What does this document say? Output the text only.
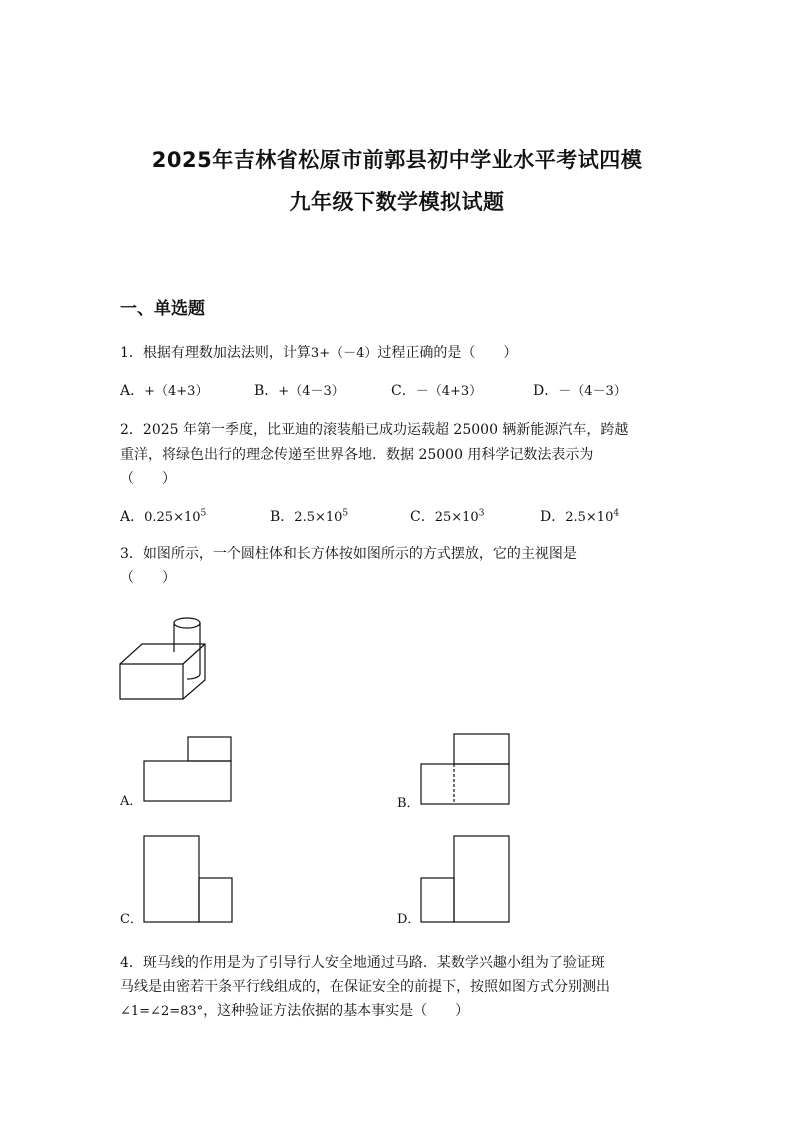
2025年吉林省松原市前郭县初中学业水平考试四模
九年级下数学模拟试题
一、单选题
1．根据有理数加法法则，计算3+（－4）过程正确的是（　　）
A．+（4+3）	B．+（4－3）	C．－（4+3）	D．－（4－3）
2．2025 年第一季度，比亚迪的滚装船已成功运载超 25000 辆新能源汽车，跨越
重洋，将绿色出行的理念传递至世界各地．数据 25000 用科学记数法表示为
（　　）
A．$0.25\times 10^5$	B．$2.5\times 10^5$	C．$25\times 10^3$	D．$2.5\times 10^4$
3．如图所示，一个圆柱体和长方体按如图所示的方式摆放，它的主视图是
（　　）
A．	B．
C．	D．
4．斑马线的作用是为了引导行人安全地通过马路．某数学兴趣小组为了验证斑
马线是由密若干条平行线组成的，在保证安全的前提下，按照如图方式分别测出
∠1=∠2=83°，这种验证方法依据的基本事实是（　　）
